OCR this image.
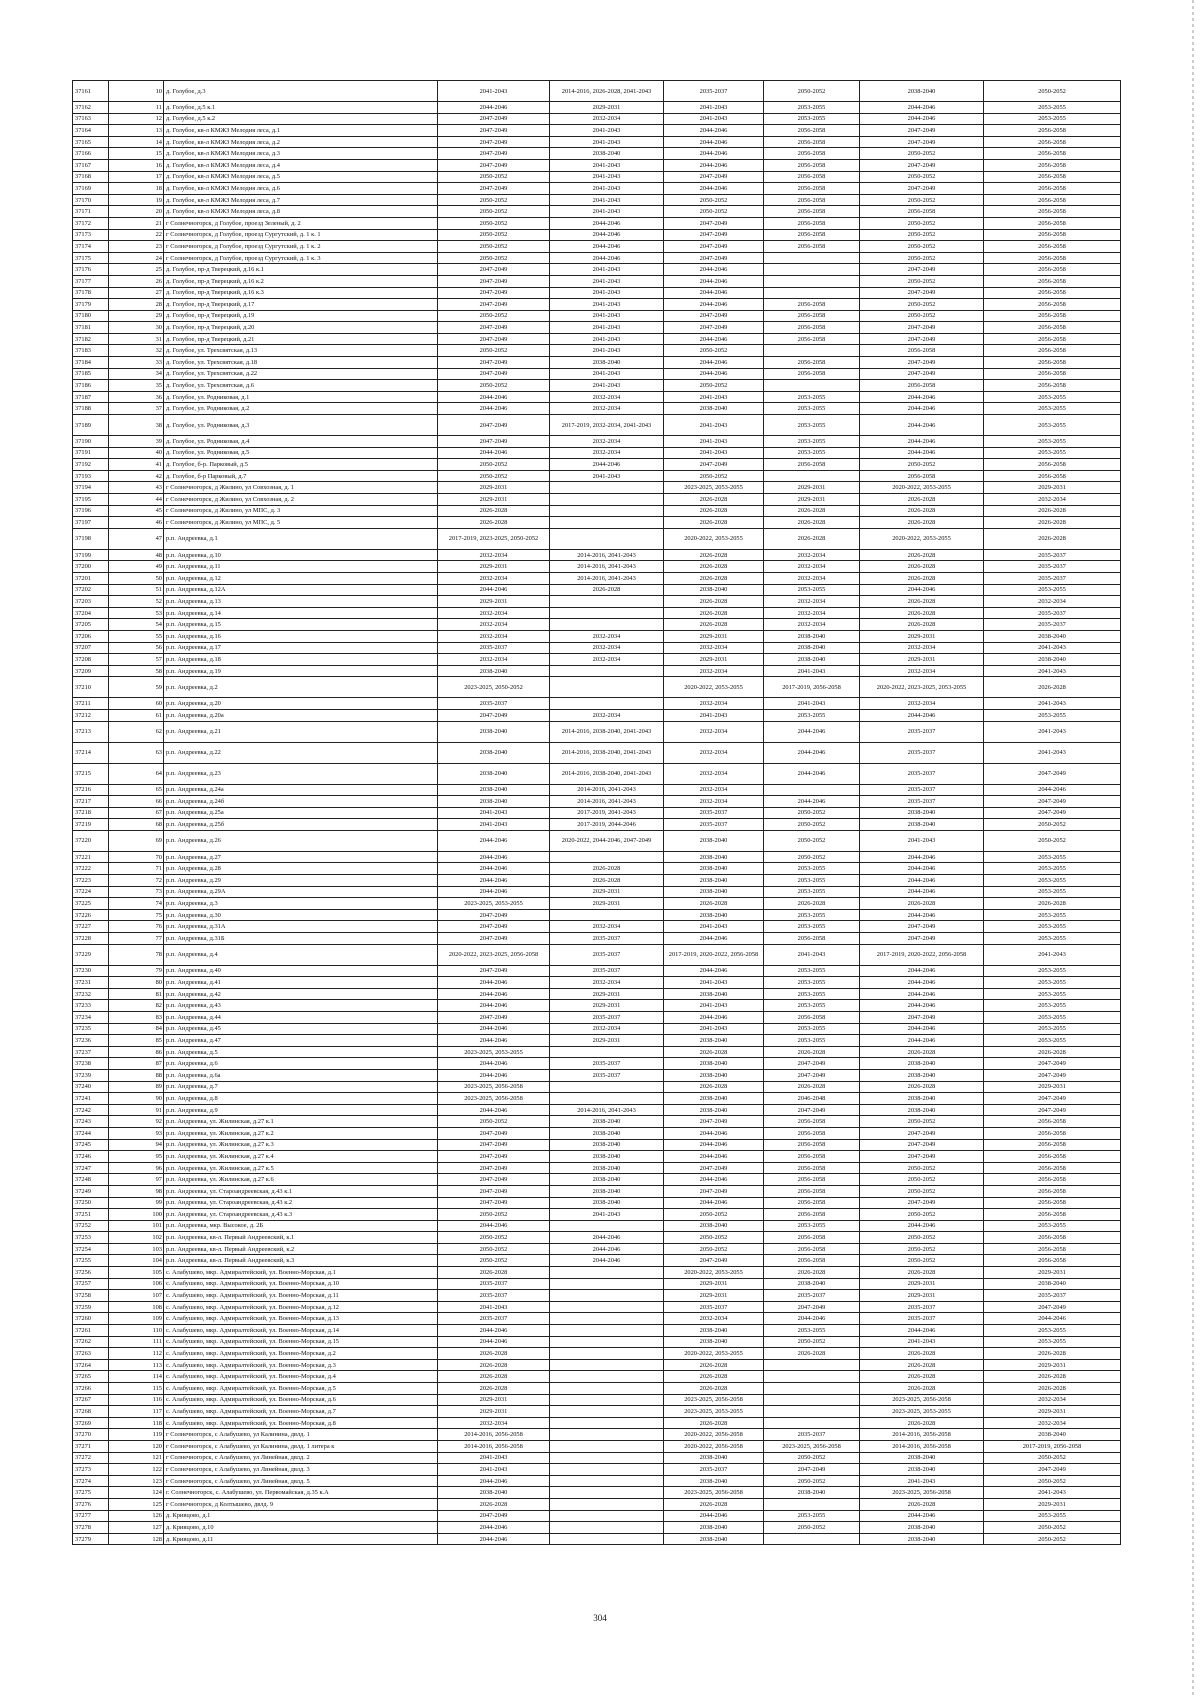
37161	10	д. Голубое, д.3	2041-2043	2014-2016, 2026-2028, 2041-2043	2035-2037	2050-2052	2038-2040	2050-2052
37162	11	д. Голубое, д.5 к.1	2044-2046	2029-2031	2041-2043	2053-2055	2044-2046	2053-2055
37163	12	д. Голубое, д.5 к.2	2047-2049	2032-2034	2041-2043	2053-2055	2044-2046	2053-2055
37164	13	д. Голубое, кв-л КМЖЗ Мелодия леса, д.1	2047-2049	2041-2043	2044-2046	2056-2058	2047-2049	2056-2058
37165	14	д. Голубое, кв-л КМЖЗ Мелодия леса, д.2	2047-2049	2041-2043	2044-2046	2056-2058	2047-2049	2056-2058
37166	15	д. Голубое, кв-л КМЖЗ Мелодия леса, д.3	2047-2049	2038-2040	2044-2046	2056-2058	2050-2052	2056-2058
37167	16	д. Голубое, кв-л КМЖЗ Мелодия леса, д.4	2047-2049	2041-2043	2044-2046	2056-2058	2047-2049	2056-2058
37168	17	д. Голубое, кв-л КМЖЗ Мелодия леса, д.5	2050-2052	2041-2043	2047-2049	2056-2058	2050-2052	2056-2058
37169	18	д. Голубое, кв-л КМЖЗ Мелодия леса, д.6	2047-2049	2041-2043	2044-2046	2056-2058	2047-2049	2056-2058
37170	19	д. Голубое, кв-л КМЖЗ Мелодия леса, д.7	2050-2052	2041-2043	2050-2052	2056-2058	2050-2052	2056-2058
37171	20	д. Голубое, кв-л КМЖЗ Мелодия леса, д.8	2050-2052	2041-2043	2050-2052	2056-2058	2056-2058	2056-2058
37172	21	г Солнечногорск, д Голубое, проезд Зеленый, д. 2	2050-2052	2044-2046	2047-2049	2056-2058	2050-2052	2056-2058
37173	22	г Солнечногорск, д Голубое, проезд Сургутский, д. 1 к. 1	2050-2052	2044-2046	2047-2049	2056-2058	2050-2052	2056-2058
37174	23	г Солнечногорск, д Голубое, проезд Сургутский, д. 1 к. 2	2050-2052	2044-2046	2047-2049	2056-2058	2050-2052	2056-2058
37175	24	г Солнечногорск, д Голубое, проезд Сургутский, д. 1 к. 3	2050-2052	2044-2046	2047-2049		2050-2052	2056-2058
37176	25	д. Голубое, пр-д Тверецкий, д.16 к.1	2047-2049	2041-2043	2044-2046		2047-2049	2056-2058
37177	26	д. Голубое, пр-д Тверецкий, д.16 к.2	2047-2049	2041-2043	2044-2046		2050-2052	2056-2058
37178	27	д. Голубое, пр-д Тверецкий, д.16 к.3	2047-2049	2041-2043	2044-2046		2047-2049	2056-2058
37179	28	д. Голубое, пр-д Тверецкий, д.17	2047-2049	2041-2043	2044-2046	2056-2058	2050-2052	2056-2058
37180	29	д. Голубое, пр-д Тверецкий, д.19	2050-2052	2041-2043	2047-2049	2056-2058	2050-2052	2056-2058
37181	30	д. Голубое, пр-д Тверецкий, д.20	2047-2049	2041-2043	2047-2049	2056-2058	2047-2049	2056-2058
37182	31	д. Голубое, пр-д Тверецкий, д.21	2047-2049	2041-2043	2044-2046	2056-2058	2047-2049	2056-2058
37183	32	д. Голубое, ул. Трехсвятская, д.13	2050-2052	2041-2043	2050-2052		2056-2058	2056-2058
37184	33	д. Голубое, ул. Трехсвятская, д.18	2047-2049	2038-2040	2044-2046	2056-2058	2047-2049	2056-2058
37185	34	д. Голубое, ул. Трехсвятская, д.22	2047-2049	2041-2043	2044-2046	2056-2058	2047-2049	2056-2058
37186	35	д. Голубое, ул. Трехсвятская, д.6	2050-2052	2041-2043	2050-2052		2056-2058	2056-2058
37187	36	д. Голубое, ул. Родниковая, д.1	2044-2046	2032-2034	2041-2043	2053-2055	2044-2046	2053-2055
37188	37	д. Голубое, ул. Родниковая, д.2	2044-2046	2032-2034	2038-2040	2053-2055	2044-2046	2053-2055
37189	38	д. Голубое, ул. Родниковая, д.3	2047-2049	2017-2019, 2032-2034, 2041-2043	2041-2043	2053-2055	2044-2046	2053-2055
37190	39	д. Голубое, ул. Родниковая, д.4	2047-2049	2032-2034	2041-2043	2053-2055	2044-2046	2053-2055
37191	40	д. Голубое, ул. Родниковая, д.5	2044-2046	2032-2034	2041-2043	2053-2055	2044-2046	2053-2055
37192	41	д. Голубое, б-р. Парковый, д.5	2050-2052	2044-2046	2047-2049	2056-2058	2050-2052	2056-2058
37193	42	д. Голубое, б-р Парковый, д.7	2050-2052	2041-2043	2050-2052		2056-2058	2056-2058
37194	43	г Солнечногорск, д Жилино, ул Совхозная, д. 1	2029-2031		2023-2025, 2053-2055	2029-2031	2020-2022, 2053-2055	2029-2031
37195	44	г Солнечногорск, д Жилино, ул Совхозная, д. 2	2029-2031		2026-2028	2029-2031	2026-2028	2032-2034
37196	45	г Солнечногорск, д Жилино, ул МПС, д. 3	2026-2028		2026-2028	2026-2028	2026-2028	2026-2028
37197	46	г Солнечногорск, д Жилино, ул МПС, д. 5	2026-2028		2026-2028	2026-2028	2026-2028	2026-2028
37198	47	р.п. Андреевка, д.1	2017-2019, 2023-2025, 2050-2052		2020-2022, 2053-2055	2026-2028	2020-2022, 2053-2055	2026-2028
37199	48	р.п. Андреевка, д.10	2032-2034	2014-2016, 2041-2043	2026-2028	2032-2034	2026-2028	2035-2037
37200	49	р.п. Андреевка, д.11	2029-2031	2014-2016, 2041-2043	2026-2028	2032-2034	2026-2028	2035-2037
37201	50	р.п. Андреевка, д.12	2032-2034	2014-2016, 2041-2043	2026-2028	2032-2034	2026-2028	2035-2037
37202	51	р.п. Андреевка, д.12А	2044-2046	2026-2028	2038-2040	2053-2055	2044-2046	2053-2055
37203	52	р.п. Андреевка, д.13	2029-2031		2026-2028	2032-2034	2026-2028	2032-2034
37204	53	р.п. Андреевка, д.14	2032-2034		2026-2028	2032-2034	2026-2028	2035-2037
37205	54	р.п. Андреевка, д.15	2032-2034		2026-2028	2032-2034	2026-2028	2035-2037
37206	55	р.п. Андреевка, д.16	2032-2034	2032-2034	2029-2031	2038-2040	2029-2031	2038-2040
37207	56	р.п. Андреевка, д.17	2035-2037	2032-2034	2032-2034	2038-2040	2032-2034	2041-2043
37208	57	р.п. Андреевка, д.18	2032-2034	2032-2034	2029-2031	2038-2040	2029-2031	2038-2040
37209	58	р.п. Андреевка, д.19	2038-2040		2032-2034	2041-2043	2032-2034	2041-2043
37210	59	р.п. Андреевка, д.2	2023-2025, 2050-2052		2020-2022, 2053-2055	2017-2019, 2056-2058	2020-2022, 2023-2025, 2053-2055	2026-2028
37211	60	р.п. Андреевка, д.20	2035-2037		2032-2034	2041-2043	2032-2034	2041-2043
37212	61	р.п. Андреевка, д.20а	2047-2049	2032-2034	2041-2043	2053-2055	2044-2046	2053-2055
37213	62	р.п. Андреевка, д.21	2038-2040	2014-2016, 2038-2040, 2041-2043	2032-2034	2044-2046	2035-2037	2041-2043
37214	63	р.п. Андреевка, д.22	2038-2040	2014-2016, 2038-2040, 2041-2043	2032-2034	2044-2046	2035-2037	2041-2043
37215	64	р.п. Андреевка, д.23	2038-2040	2014-2016, 2038-2040, 2041-2043	2032-2034	2044-2046	2035-2037	2047-2049
37216	65	р.п. Андреевка, д.24а	2038-2040	2014-2016, 2041-2043	2032-2034		2035-2037	2044-2046
37217	66	р.п. Андреевка, д.24б	2038-2040	2014-2016, 2041-2043	2032-2034	2044-2046	2035-2037	2047-2049
37218	67	р.п. Андреевка, д.25а	2041-2043	2017-2019, 2041-2043	2035-2037	2050-2052	2038-2040	2047-2049
37219	68	р.п. Андреевка, д.25б	2041-2043	2017-2019, 2044-2046	2035-2037	2050-2052	2038-2040	2050-2052
37220	69	р.п. Андреевка, д.26	2044-2046	2020-2022, 2044-2046, 2047-2049	2038-2040	2050-2052	2041-2043	2050-2052
37221	70	р.п. Андреевка, д.27	2044-2046		2038-2040	2050-2052	2044-2046	2053-2055
37222	71	р.п. Андреевка, д.28	2044-2046	2026-2028	2038-2040	2053-2055	2044-2046	2053-2055
37223	72	р.п. Андреевка, д.29	2044-2046	2026-2028	2038-2040	2053-2055	2044-2046	2053-2055
37224	73	р.п. Андреевка, д.29А	2044-2046	2029-2031	2038-2040	2053-2055	2044-2046	2053-2055
37225	74	р.п. Андреевка, д.3	2023-2025, 2053-2055	2029-2031	2026-2028	2026-2028	2026-2028	2026-2028
37226	75	р.п. Андреевка, д.30	2047-2049		2038-2040	2053-2055	2044-2046	2053-2055
37227	76	р.п. Андреевка, д.31А	2047-2049	2032-2034	2041-2043	2053-2055	2047-2049	2053-2055
37228	77	р.п. Андреевка, д.31Б	2047-2049	2035-2037	2044-2046	2056-2058	2047-2049	2053-2055
37229	78	р.п. Андреевка, д.4	2020-2022, 2023-2025, 2056-2058	2035-2037	2017-2019, 2020-2022, 2056-2058	2041-2043	2017-2019, 2020-2022, 2056-2058	2041-2043
37230	79	р.п. Андреевка, д.40	2047-2049	2035-2037	2044-2046	2053-2055	2044-2046	2053-2055
37231	80	р.п. Андреевка, д.41	2044-2046	2032-2034	2041-2043	2053-2055	2044-2046	2053-2055
37232	81	р.п. Андреевка, д.42	2044-2046	2029-2031	2038-2040	2053-2055	2044-2046	2053-2055
37233	82	р.п. Андреевка, д.43	2044-2046	2029-2031	2041-2043	2053-2055	2044-2046	2053-2055
37234	83	р.п. Андреевка, д.44	2047-2049	2035-2037	2044-2046	2056-2058	2047-2049	2053-2055
37235	84	р.п. Андреевка, д.45	2044-2046	2032-2034	2041-2043	2053-2055	2044-2046	2053-2055
37236	85	р.п. Андреевка, д.47	2044-2046	2029-2031	2038-2040	2053-2055	2044-2046	2053-2055
37237	86	р.п. Андреевка, д.5	2023-2025, 2053-2055		2026-2028	2026-2028	2026-2028	2026-2028
37238	87	р.п. Андреевка, д.6	2044-2046	2035-2037	2038-2040	2047-2049	2038-2040	2047-2049
37239	88	р.п. Андреевка, д.6а	2044-2046	2035-2037	2038-2040	2047-2049	2038-2040	2047-2049
37240	89	р.п. Андреевка, д.7	2023-2025, 2056-2058		2026-2028	2026-2028	2026-2028	2029-2031
37241	90	р.п. Андреевка, д.8	2023-2025, 2056-2058		2038-2040	2046-2048	2038-2040	2047-2049
37242	91	р.п. Андреевка, д.9	2044-2046	2014-2016, 2041-2043	2038-2040	2047-2049	2038-2040	2047-2049
37243	92	р.п. Андреевка, ул. Жилинская, д.27 к.1	2050-2052	2038-2040	2047-2049	2056-2058	2050-2052	2056-2058
37244	93	р.п. Андреевка, ул. Жилинская, д.27 к.2	2047-2049	2038-2040	2044-2046	2056-2058	2047-2049	2056-2058
37245	94	р.п. Андреевка, ул. Жилинская, д.27 к.3	2047-2049	2038-2040	2044-2046	2056-2058	2047-2049	2056-2058
37246	95	р.п. Андреевка, ул. Жилинская, д.27 к.4	2047-2049	2038-2040	2044-2046	2056-2058	2047-2049	2056-2058
37247	96	р.п. Андреевка, ул. Жилинская, д.27 к.5	2047-2049	2038-2040	2047-2049	2056-2058	2050-2052	2056-2058
37248	97	р.п. Андреевка, ул. Жилинская, д.27 к.6	2047-2049	2038-2040	2044-2046	2056-2058	2050-2052	2056-2058
37249	98	р.п. Андреевка, ул. Староандреевская, д.43 к.1	2047-2049	2038-2040	2047-2049	2056-2058	2050-2052	2056-2058
37250	99	р.п. Андреевка, ул. Староандреевская, д.43 к.2	2047-2049	2038-2040	2044-2046	2056-2058	2047-2049	2056-2058
37251	100	р.п. Андреевка, ул. Староандреевская, д.43 к.3	2050-2052	2041-2043	2050-2052	2056-2058	2050-2052	2056-2058
37252	101	р.п. Андреевка, мкр. Высокое, д. 2Б	2044-2046		2038-2040	2053-2055	2044-2046	2053-2055
37253	102	р.п. Андреевка, кв-л. Первый Андреевский, к.1	2050-2052	2044-2046	2050-2052	2056-2058	2050-2052	2056-2058
37254	103	р.п. Андреевка, кв-л. Первый Андреевский, к.2	2050-2052	2044-2046	2050-2052	2056-2058	2050-2052	2056-2058
37255	104	р.п. Андреевка, кв-л. Первый Андреевский, к.3	2050-2052	2044-2046	2047-2049	2056-2058	2050-2052	2056-2058
37256	105	с. Алабушево, мкр. Адмиралтейский, ул. Военно-Морская, д.1	2026-2028		2020-2022, 2053-2055	2026-2028	2026-2028	2029-2031
37257	106	с. Алабушево, мкр. Адмиралтейский, ул. Военно-Морская, д.10	2035-2037		2029-2031	2038-2040	2029-2031	2038-2040
37258	107	с. Алабушево, мкр. Адмиралтейский, ул. Военно-Морская, д.11	2035-2037		2029-2031	2035-2037	2029-2031	2035-2037
37259	108	с. Алабушево, мкр. Адмиралтейский, ул. Военно-Морская, д.12	2041-2043		2035-2037	2047-2049	2035-2037	2047-2049
37260	109	с. Алабушево, мкр. Адмиралтейский, ул. Военно-Морская, д.13	2035-2037		2032-2034	2044-2046	2035-2037	2044-2046
37261	110	с. Алабушево, мкр. Адмиралтейский, ул. Военно-Морская, д.14	2044-2046		2038-2040	2053-2055	2044-2046	2053-2055
37262	111	с. Алабушево, мкр. Адмиралтейский, ул. Военно-Морская, д.15	2044-2046		2038-2040	2050-2052	2041-2043	2053-2055
37263	112	с. Алабушево, мкр. Адмиралтейский, ул. Военно-Морская, д.2	2026-2028		2020-2022, 2053-2055	2026-2028	2026-2028	2026-2028
37264	113	с. Алабушево, мкр. Адмиралтейский, ул. Военно-Морская, д.3	2026-2028		2026-2028		2026-2028	2029-2031
37265	114	с. Алабушево, мкр. Адмиралтейский, ул. Военно-Морская, д.4	2026-2028		2026-2028		2026-2028	2026-2028
37266	115	с. Алабушево, мкр. Адмиралтейский, ул. Военно-Морская, д.5	2026-2028		2026-2028		2026-2028	2026-2028
37267	116	с. Алабушево, мкр. Адмиралтейский, ул. Военно-Морская, д.6	2029-2031		2023-2025, 2056-2058		2023-2025, 2056-2058	2032-2034
37268	117	с. Алабушево, мкр. Адмиралтейский, ул. Военно-Морская, д.7	2029-2031		2023-2025, 2053-2055		2023-2025, 2053-2055	2029-2031
37269	118	с. Алабушево, мкр. Адмиралтейский, ул. Военно-Морская, д.8	2032-2034		2026-2028		2026-2028	2032-2034
37270	119	г Солнечногорск, с Алабушево, ул Калинина, двлд. 1	2014-2016, 2056-2058		2020-2022, 2056-2058	2035-2037	2014-2016, 2056-2058	2038-2040
37271	120	г Солнечногорск, с Алабушево, ул Калинина, двлд. 1 литера к	2014-2016, 2056-2058		2020-2022, 2056-2058	2023-2025, 2056-2058	2014-2016, 2056-2058	2017-2019, 2056-2058
37272	121	г Солнечногорск, с Алабушево, ул Линейная, двлд. 2	2041-2043		2038-2040	2050-2052	2038-2040	2050-2052
37273	122	г Солнечногорск, с Алабушево, ул Линейная, двлд. 3	2041-2043		2035-2037	2047-2049	2038-2040	2047-2049
37274	123	г Солнечногорск, с Алабушево, ул Линейная, двлд. 5	2044-2046		2038-2040	2050-2052	2041-2043	2050-2052
37275	124	г. Солнечногорск, с. Алабушево, ул. Первомайская, д.35 к.А	2038-2040		2023-2025, 2056-2058	2038-2040	2023-2025, 2056-2058	2041-2043
37276	125	г Солнечногорск, д Колтышево, двлд. 9	2026-2028		2026-2028		2026-2028	2029-2031
37277	126	д. Кривцово, д.1	2047-2049		2044-2046	2053-2055	2044-2046	2053-2055
37278	127	д. Кривцово, д.10	2044-2046		2038-2040	2050-2052	2038-2040	2050-2052
37279	128	д. Кривцово, д.11	2044-2046		2038-2040		2038-2040	2050-2052
304
